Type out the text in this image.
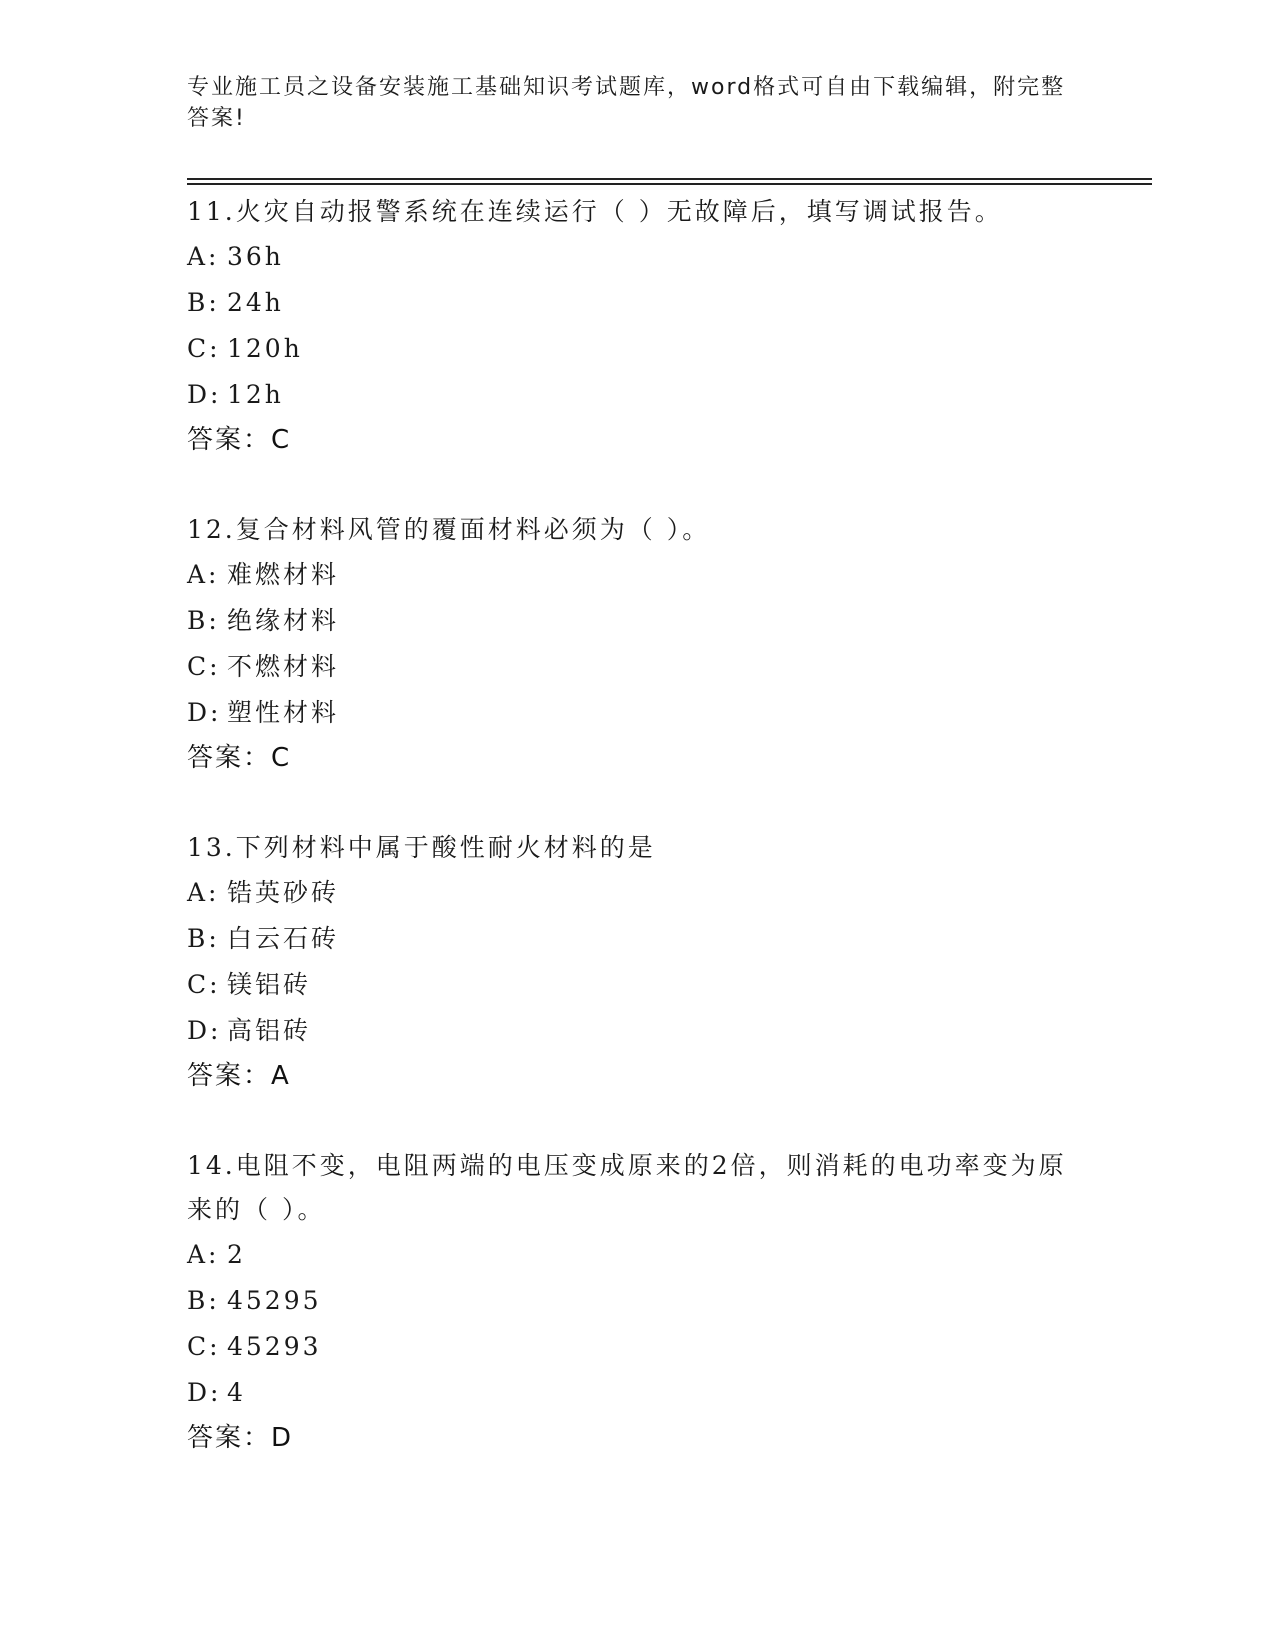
专业施工员之设备安装施工基础知识考试题库，word格式可自由下载编辑，附完整答案!

11.火灾自动报警系统在连续运行（ ）无故障后，填写调试报告。

A: 36h
B: 24h
C: 120h
D: 12h

答案：C

12.复合材料风管的覆面材料必须为（ ）。

A: 难燃材料
B: 绝缘材料
C: 不燃材料
D: 塑性材料

答案：C

13.下列材料中属于酸性耐火材料的是

A: 锆英砂砖
B: 白云石砖
C: 镁铝砖
D: 高铝砖

答案：A

14.电阻不变，电阻两端的电压变成原来的2倍，则消耗的电功率变为原来的（ ）。

A: 2
B: 45295
C: 45293
D: 4

答案：D
